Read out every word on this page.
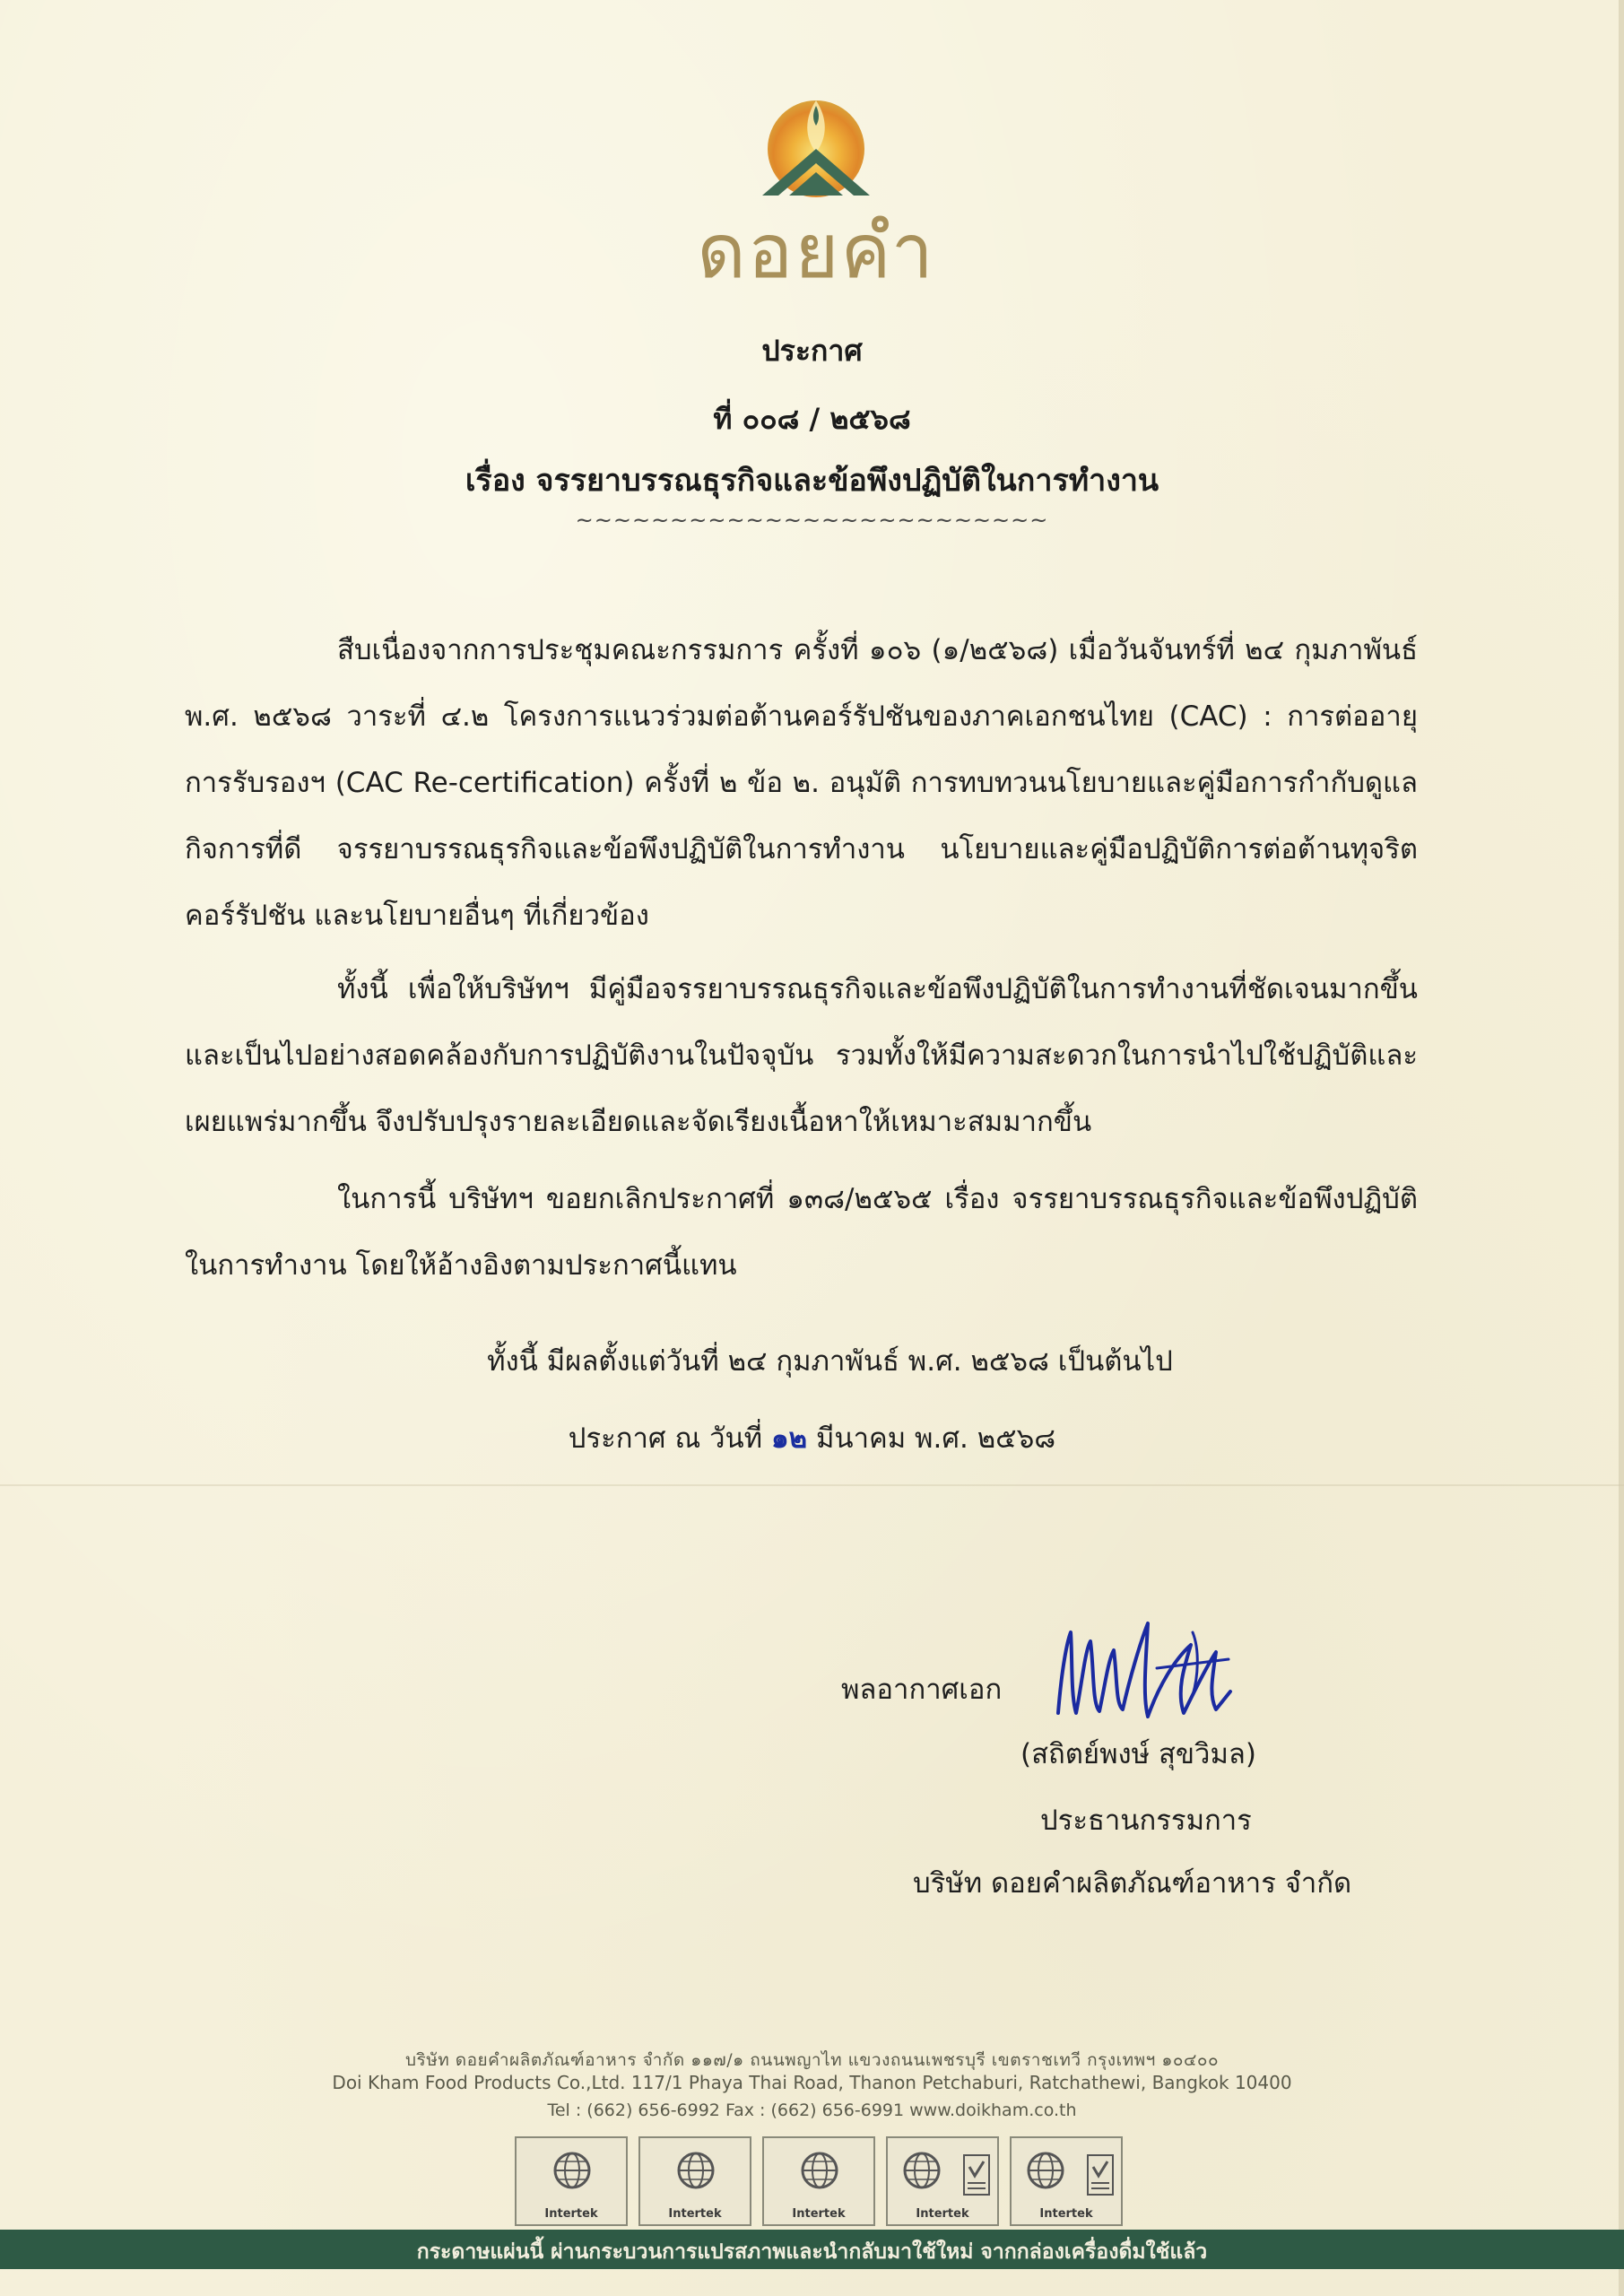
ดอยคำ
ประกาศ
ที่ ๐๐๘ / ๒๕๖๘
เรื่อง จรรยาบรรณธุรกิจและข้อพึงปฏิบัติในการทำงาน
~~~~~~~~~~~~~~~~~~~~~~~~~
สืบเนื่องจากการประชุมคณะกรรมการ ครั้งที่ ๑๐๖ (๑/๒๕๖๘) เมื่อวันจันทร์ที่ ๒๔ กุมภาพันธ์ พ.ศ. ๒๕๖๘ วาระที่ ๔.๒ โครงการแนวร่วมต่อต้านคอร์รัปชันของภาคเอกชนไทย (CAC) : การต่ออายุการรับรองฯ (CAC Re-certification) ครั้งที่ ๒ ข้อ ๒. อนุมัติ การทบทวนนโยบายและคู่มือการกำกับดูแลกิจการที่ดี จรรยาบรรณธุรกิจและข้อพึงปฏิบัติในการทำงาน นโยบายและคู่มือปฏิบัติการต่อต้านทุจริต คอร์รัปชัน และนโยบายอื่นๆ ที่เกี่ยวข้อง
ทั้งนี้ เพื่อให้บริษัทฯ มีคู่มือจรรยาบรรณธุรกิจและข้อพึงปฏิบัติในการทำงานที่ชัดเจนมากขึ้น และเป็นไปอย่างสอดคล้องกับการปฏิบัติงานในปัจจุบัน รวมทั้งให้มีความสะดวกในการนำไปใช้ปฏิบัติและเผยแพร่มากขึ้น จึงปรับปรุงรายละเอียดและจัดเรียงเนื้อหาให้เหมาะสมมากขึ้น
ในการนี้ บริษัทฯ ขอยกเลิกประกาศที่ ๑๓๘/๒๕๖๕ เรื่อง จรรยาบรรณธุรกิจและข้อพึงปฏิบัติในการทำงาน โดยให้อ้างอิงตามประกาศนี้แทน
ทั้งนี้ มีผลตั้งแต่วันที่ ๒๔ กุมภาพันธ์ พ.ศ. ๒๕๖๘ เป็นต้นไป
ประกาศ ณ วันที่ ๑๒ มีนาคม พ.ศ. ๒๕๖๘
พลอากาศเอก
(สถิตย์พงษ์ สุขวิมล)
ประธานกรรมการ
บริษัท ดอยคำผลิตภัณฑ์อาหาร จำกัด
บริษัท ดอยคำผลิตภัณฑ์อาหาร จำกัด ๑๑๗/๑ ถนนพญาไท แขวงถนนเพชรบุรี เขตราชเทวี กรุงเทพฯ ๑๐๔๐๐
Doi Kham Food Products Co.,Ltd. 117/1 Phaya Thai Road, Thanon Petchaburi, Ratchathewi, Bangkok 10400
Tel : (662) 656-6992 Fax : (662) 656-6991 www.doikham.co.th
Intertek	Intertek	Intertek	Intertek	Intertek
กระดาษแผ่นนี้ ผ่านกระบวนการแปรสภาพและนำกลับมาใช้ใหม่ จากกล่องเครื่องดื่มใช้แล้ว
